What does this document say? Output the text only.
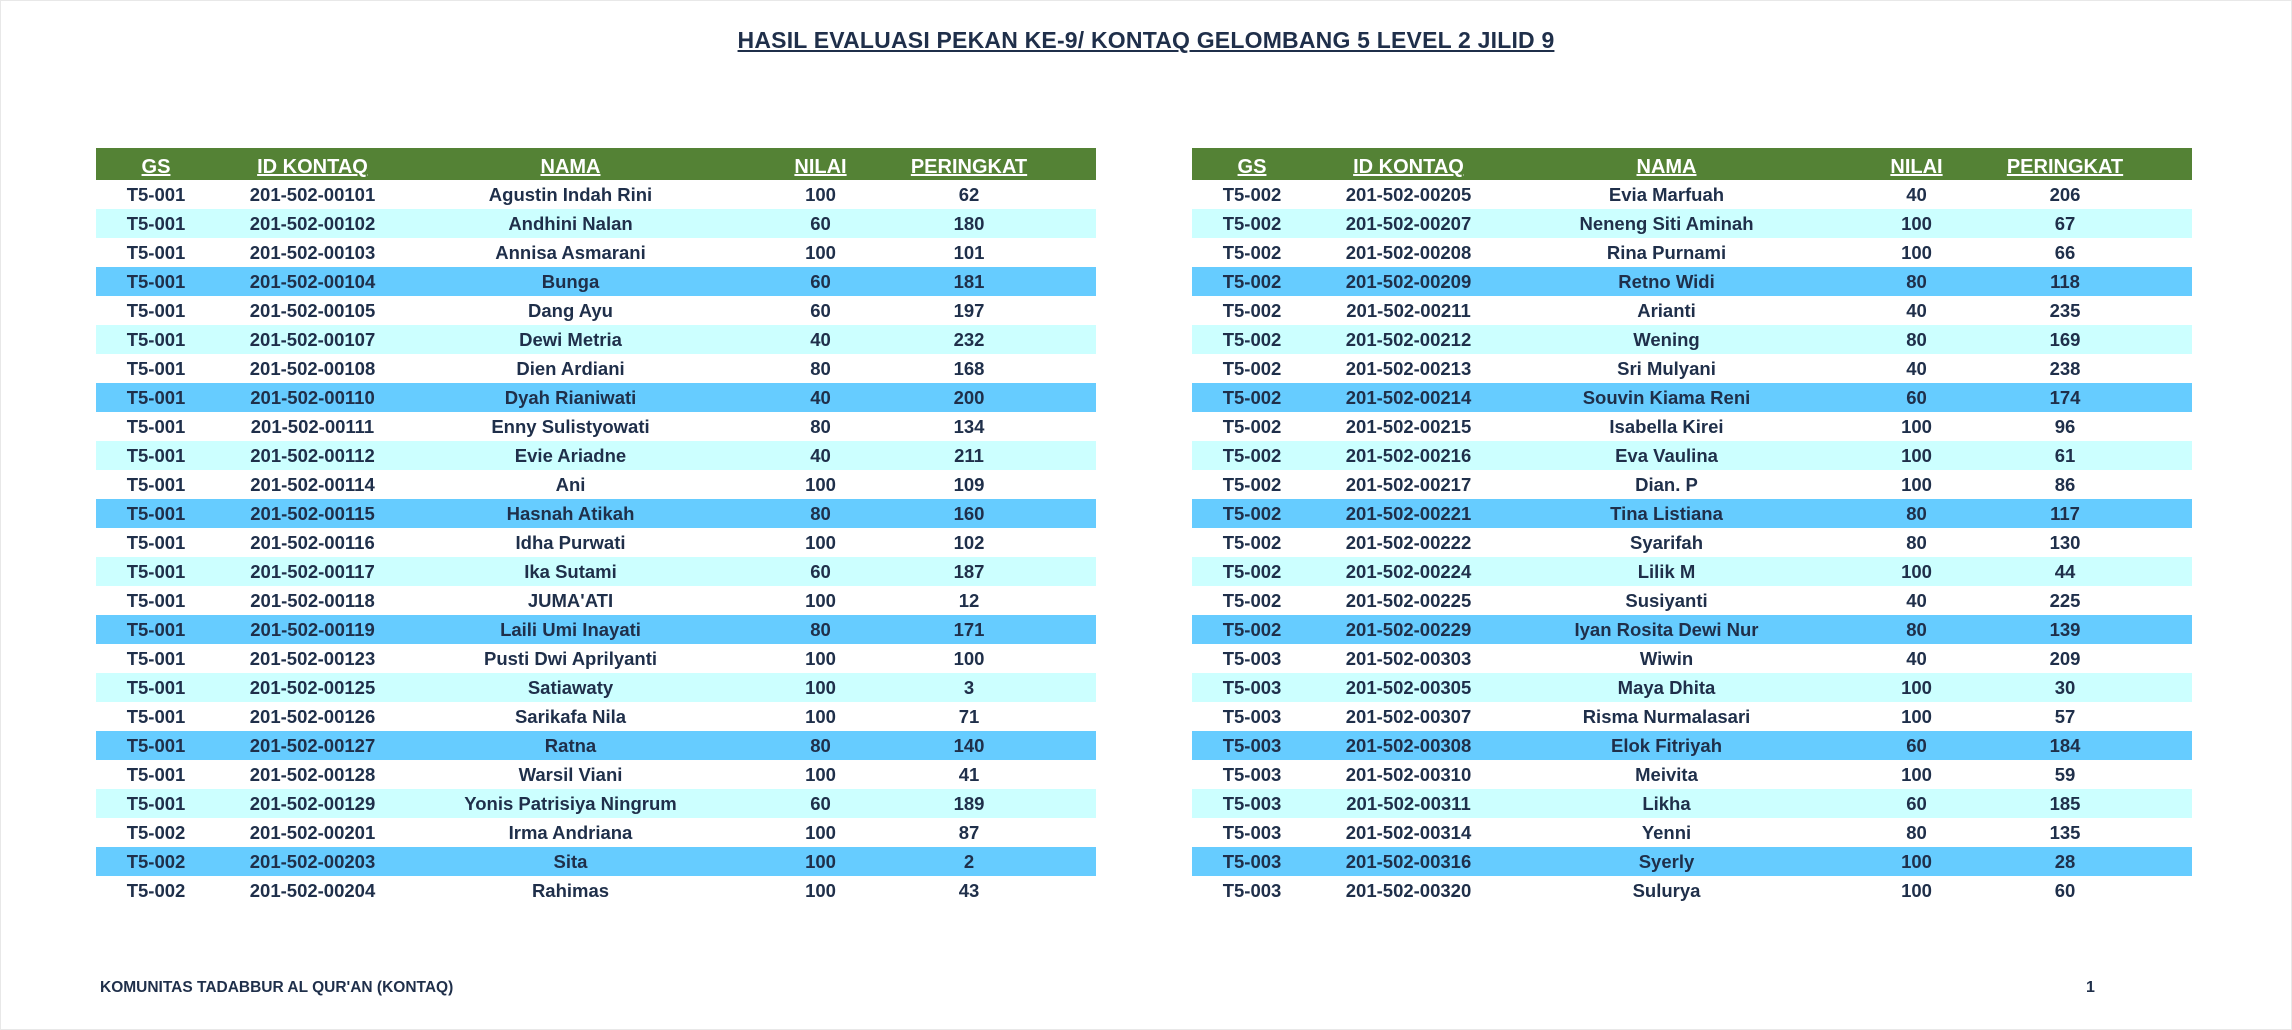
HASIL EVALUASI PEKAN KE-9/ KONTAQ GELOMBANG 5 LEVEL 2 JILID 9
GS	ID KONTAQ	NAMA	NILAI	PERINGKAT	
T5-001	201-502-00101	Agustin Indah Rini	100	62	
T5-001	201-502-00102	Andhini Nalan	60	180	
T5-001	201-502-00103	Annisa Asmarani	100	101	
T5-001	201-502-00104	Bunga	60	181	
T5-001	201-502-00105	Dang Ayu	60	197	
T5-001	201-502-00107	Dewi Metria	40	232	
T5-001	201-502-00108	Dien Ardiani	80	168	
T5-001	201-502-00110	Dyah Rianiwati	40	200	
T5-001	201-502-00111	Enny Sulistyowati	80	134	
T5-001	201-502-00112	Evie Ariadne	40	211	
T5-001	201-502-00114	Ani	100	109	
T5-001	201-502-00115	Hasnah Atikah	80	160	
T5-001	201-502-00116	Idha Purwati	100	102	
T5-001	201-502-00117	Ika Sutami	60	187	
T5-001	201-502-00118	JUMA'ATI	100	12	
T5-001	201-502-00119	Laili Umi Inayati	80	171	
T5-001	201-502-00123	Pusti Dwi Aprilyanti	100	100	
T5-001	201-502-00125	Satiawaty	100	3	
T5-001	201-502-00126	Sarikafa Nila	100	71	
T5-001	201-502-00127	Ratna	80	140	
T5-001	201-502-00128	Warsil Viani	100	41	
T5-001	201-502-00129	Yonis Patrisiya Ningrum	60	189	
T5-002	201-502-00201	Irma Andriana	100	87	
T5-002	201-502-00203	Sita	100	2	
T5-002	201-502-00204	Rahimas	100	43	
GS	ID KONTAQ	NAMA	NILAI	PERINGKAT	
T5-002	201-502-00205	Evia Marfuah	40	206	
T5-002	201-502-00207	Neneng Siti Aminah	100	67	
T5-002	201-502-00208	Rina Purnami	100	66	
T5-002	201-502-00209	Retno Widi	80	118	
T5-002	201-502-00211	Arianti	40	235	
T5-002	201-502-00212	Wening	80	169	
T5-002	201-502-00213	Sri Mulyani	40	238	
T5-002	201-502-00214	Souvin Kiama Reni	60	174	
T5-002	201-502-00215	Isabella Kirei	100	96	
T5-002	201-502-00216	Eva Vaulina	100	61	
T5-002	201-502-00217	Dian. P	100	86	
T5-002	201-502-00221	Tina Listiana	80	117	
T5-002	201-502-00222	Syarifah	80	130	
T5-002	201-502-00224	Lilik M	100	44	
T5-002	201-502-00225	Susiyanti	40	225	
T5-002	201-502-00229	Iyan Rosita Dewi Nur	80	139	
T5-003	201-502-00303	Wiwin	40	209	
T5-003	201-502-00305	Maya Dhita	100	30	
T5-003	201-502-00307	Risma Nurmalasari	100	57	
T5-003	201-502-00308	Elok Fitriyah	60	184	
T5-003	201-502-00310	Meivita	100	59	
T5-003	201-502-00311	Likha	60	185	
T5-003	201-502-00314	Yenni	80	135	
T5-003	201-502-00316	Syerly	100	28	
T5-003	201-502-00320	Sulurya	100	60	
KOMUNITAS TADABBUR AL QUR'AN (KONTAQ)	1
